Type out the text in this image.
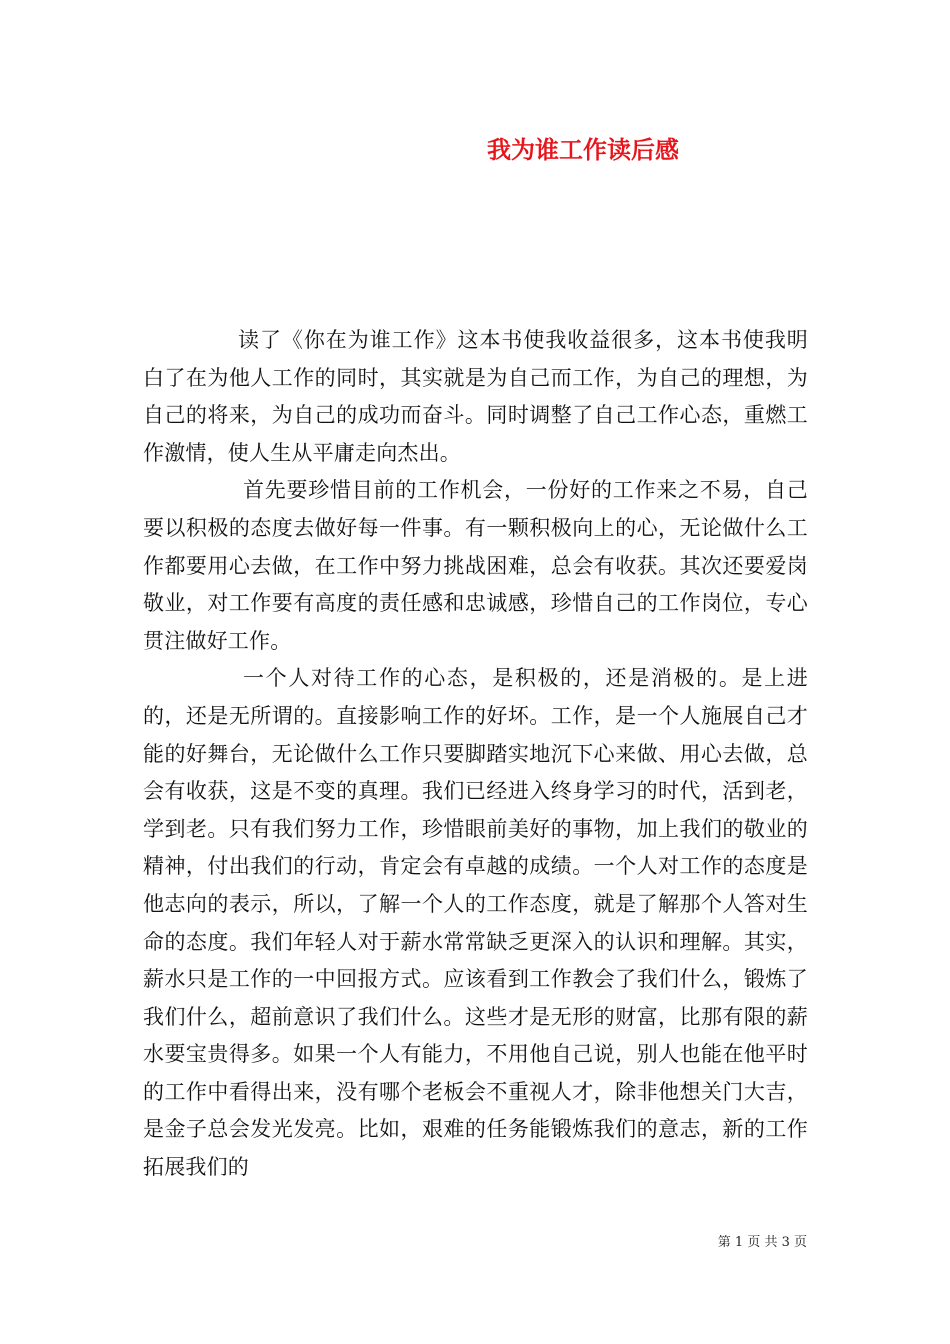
我为谁工作读后感

读了《你在为谁工作》这本书使我收益很多，这本书使我明白了在为他人工作的同时，其实就是为自己而工作，为自己的理想，为自己的将来，为自己的成功而奋斗。同时调整了自己工作心态，重燃工作激情，使人生从平庸走向杰出。

首先要珍惜目前的工作机会，一份好的工作来之不易，自己要以积极的态度去做好每一件事。有一颗积极向上的心，无论做什么工作都要用心去做，在工作中努力挑战困难，总会有收获。其次还要爱岗敬业，对工作要有高度的责任感和忠诚感，珍惜自己的工作岗位，专心贯注做好工作。

一个人对待工作的心态，是积极的，还是消极的。是上进的，还是无所谓的。直接影响工作的好坏。工作，是一个人施展自己才能的好舞台，无论做什么工作只要脚踏实地沉下心来做、用心去做，总会有收获，这是不变的真理。我们已经进入终身学习的时代，活到老，学到老。只有我们努力工作，珍惜眼前美好的事物，加上我们的敬业的精神，付出我们的行动，肯定会有卓越的成绩。一个人对工作的态度是他志向的表示，所以，了解一个人的工作态度，就是了解那个人答对生命的态度。我们年轻人对于薪水常常缺乏更深入的认识和理解。其实，薪水只是工作的一中回报方式。应该看到工作教会了我们什么，锻炼了我们什么，超前意识了我们什么。这些才是无形的财富，比那有限的薪水要宝贵得多。如果一个人有能力，不用他自己说，别人也能在他平时的工作中看得出来，没有哪个老板会不重视人才，除非他想关门大吉，是金子总会发光发亮。比如，艰难的任务能锻炼我们的意志，新的工作拓展我们的

第 1 页 共 3 页
